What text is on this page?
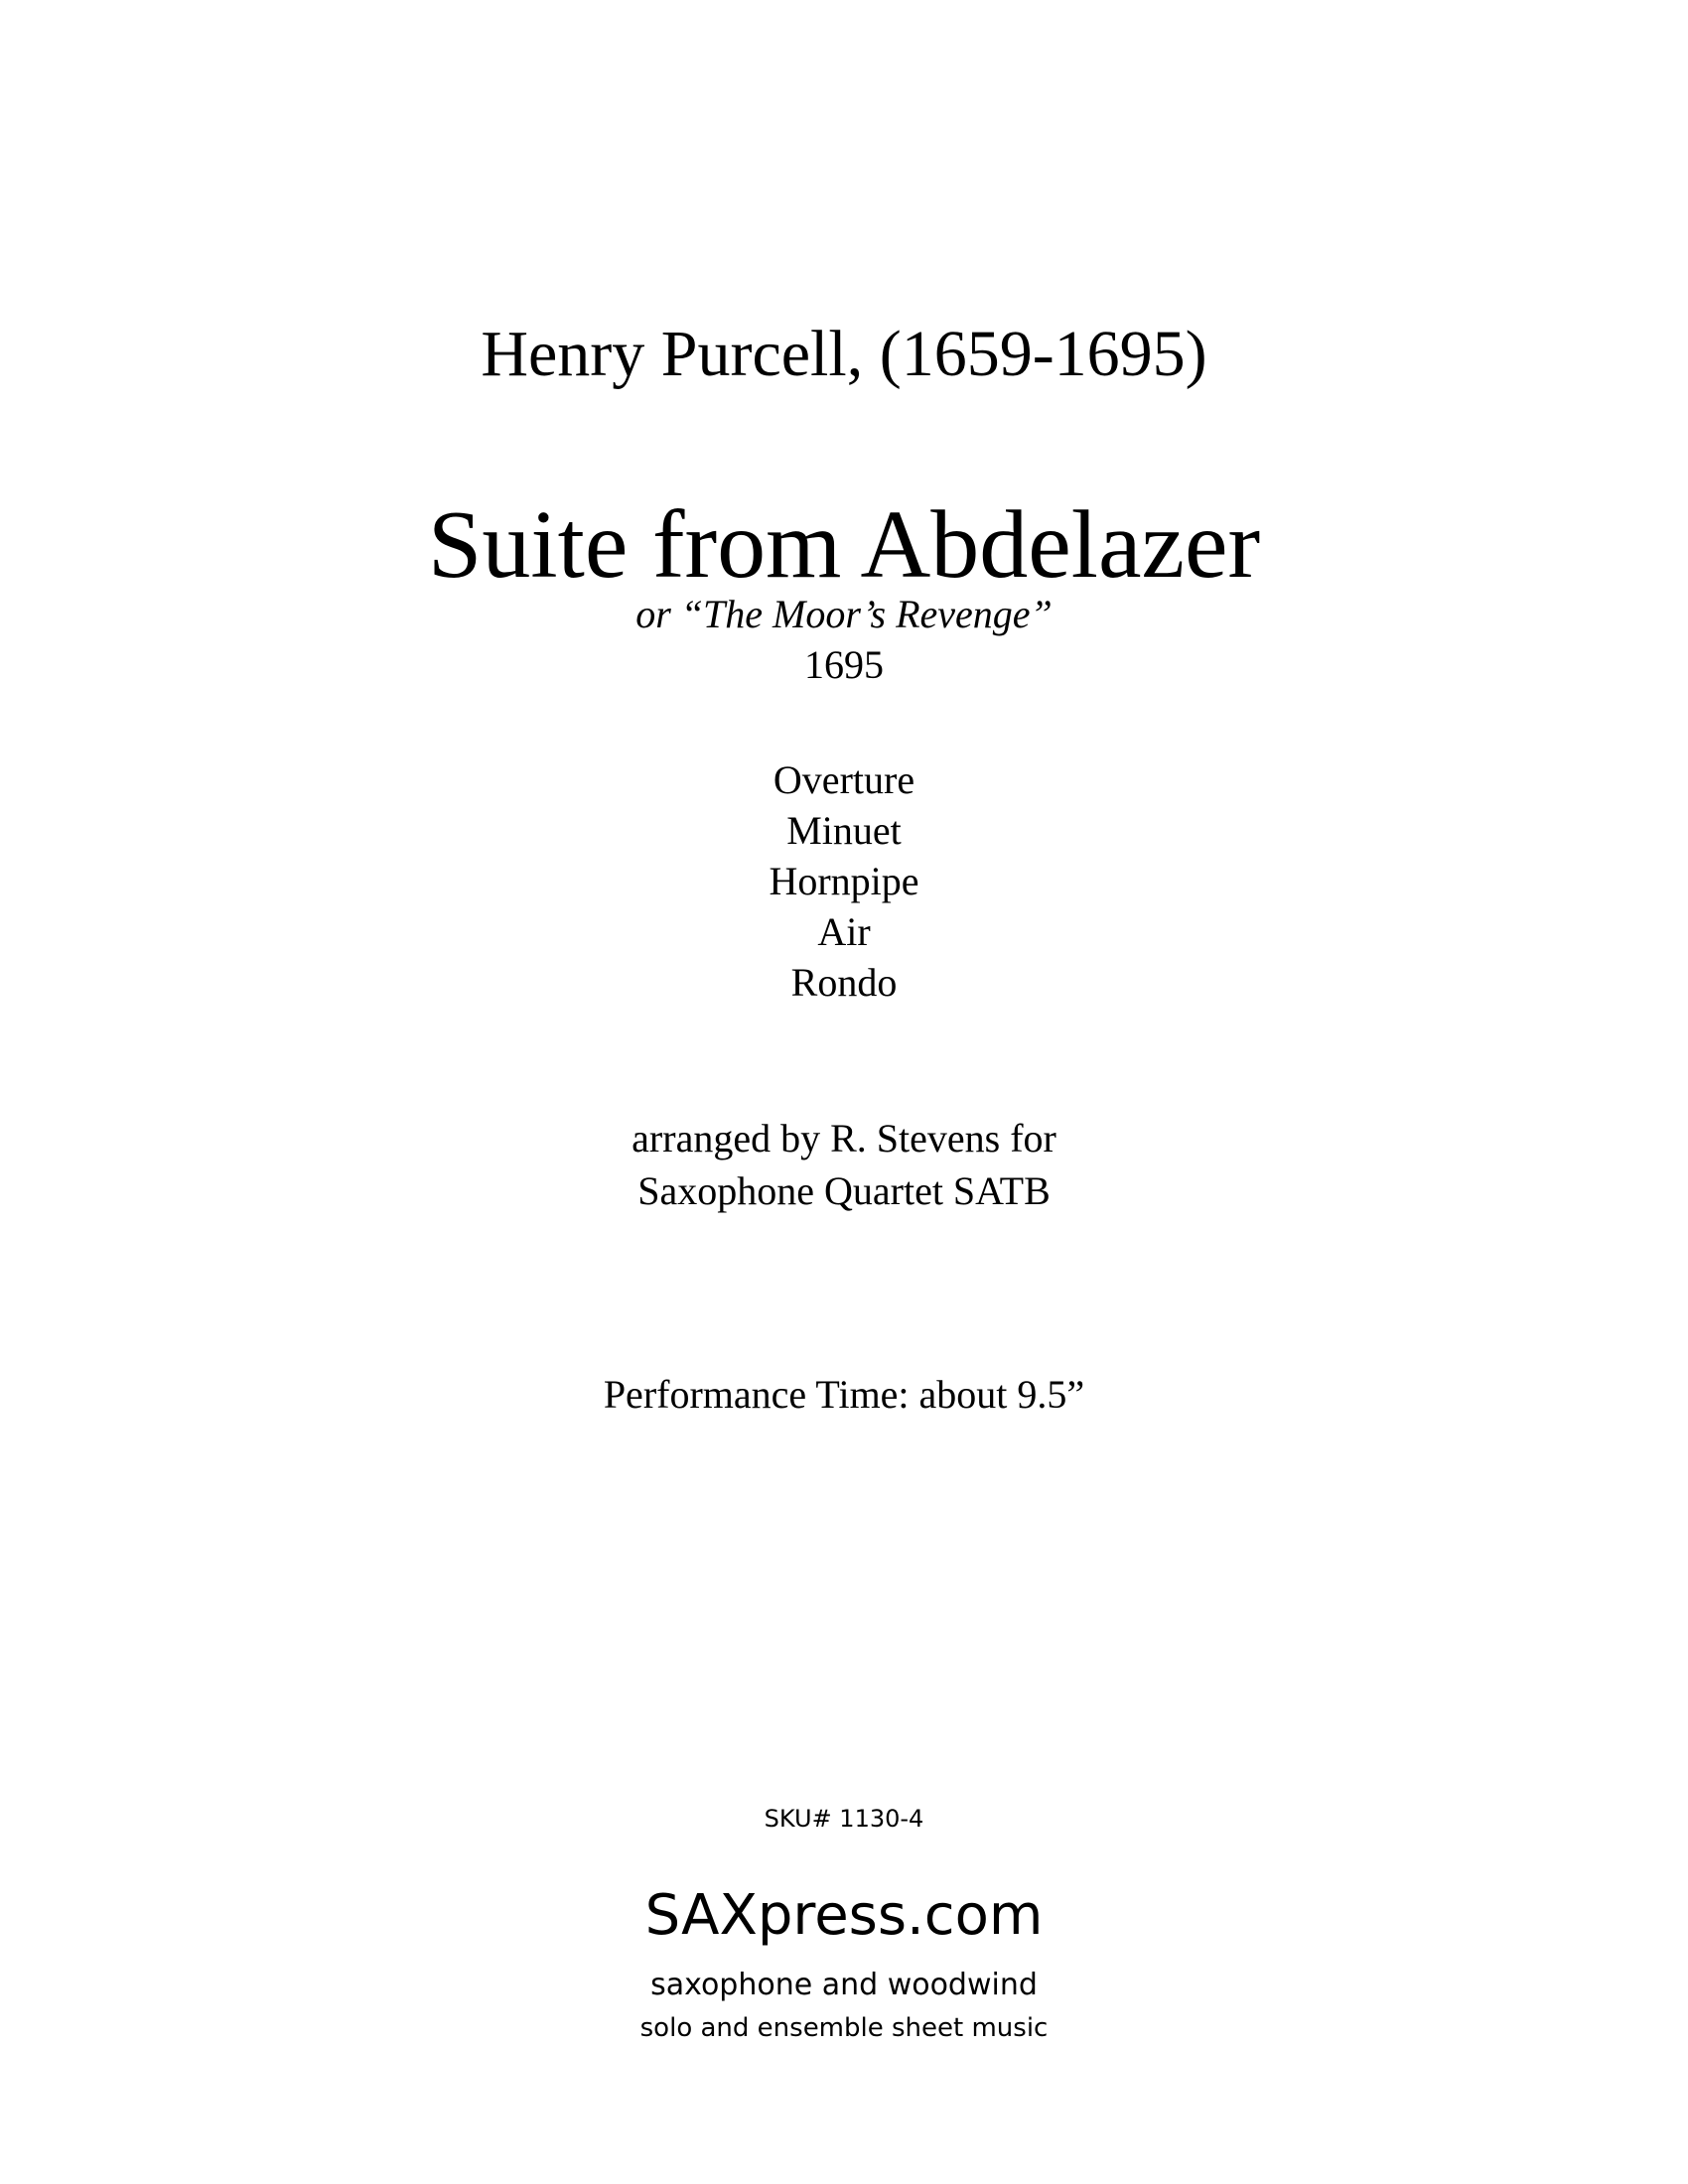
Henry Purcell, (1659-1695)
Suite from Abdelazer
or “The Moor’s Revenge”
1695
Overture
Minuet
Hornpipe
Air
Rondo
arranged by R. Stevens for
Saxophone Quartet SATB
Performance Time: about 9.5”
SKU# 1130-4
SAXpress.com
saxophone and woodwind
solo and ensemble sheet music
